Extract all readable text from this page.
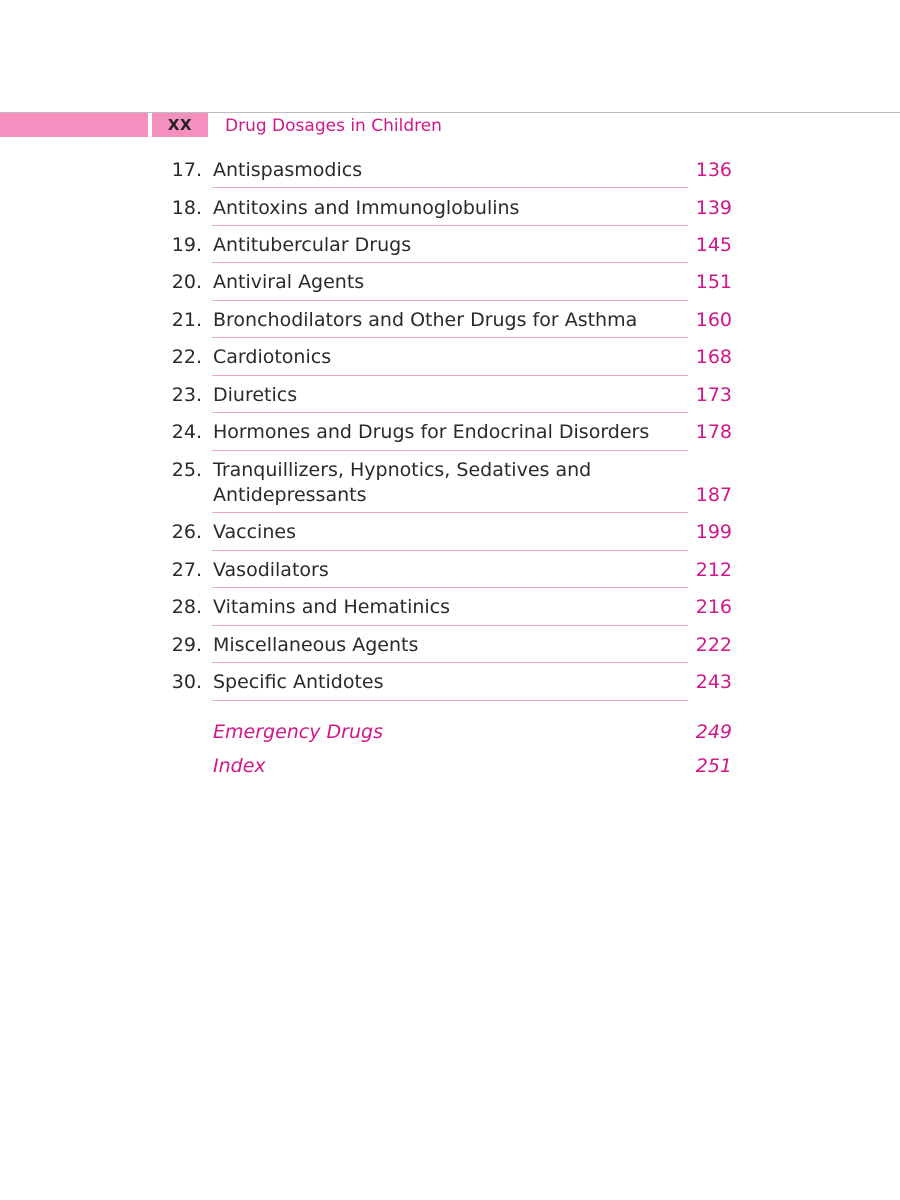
XX	Drug Dosages in Children
17. Antispasmodics	136
18. Antitoxins and Immunoglobulins	139
19. Antitubercular Drugs	145
20. Antiviral Agents	151
21. Bronchodilators and Other Drugs for Asthma	160
22. Cardiotonics	168
23. Diuretics	173
24. Hormones and Drugs for Endocrinal Disorders	178
25. Tranquillizers, Hypnotics, Sedatives and
Antidepressants	187
26. Vaccines	199
27. Vasodilators	212
28. Vitamins and Hematinics	216
29. Miscellaneous Agents	222
30. Specific Antidotes	243
Emergency Drugs	249
Index	251
